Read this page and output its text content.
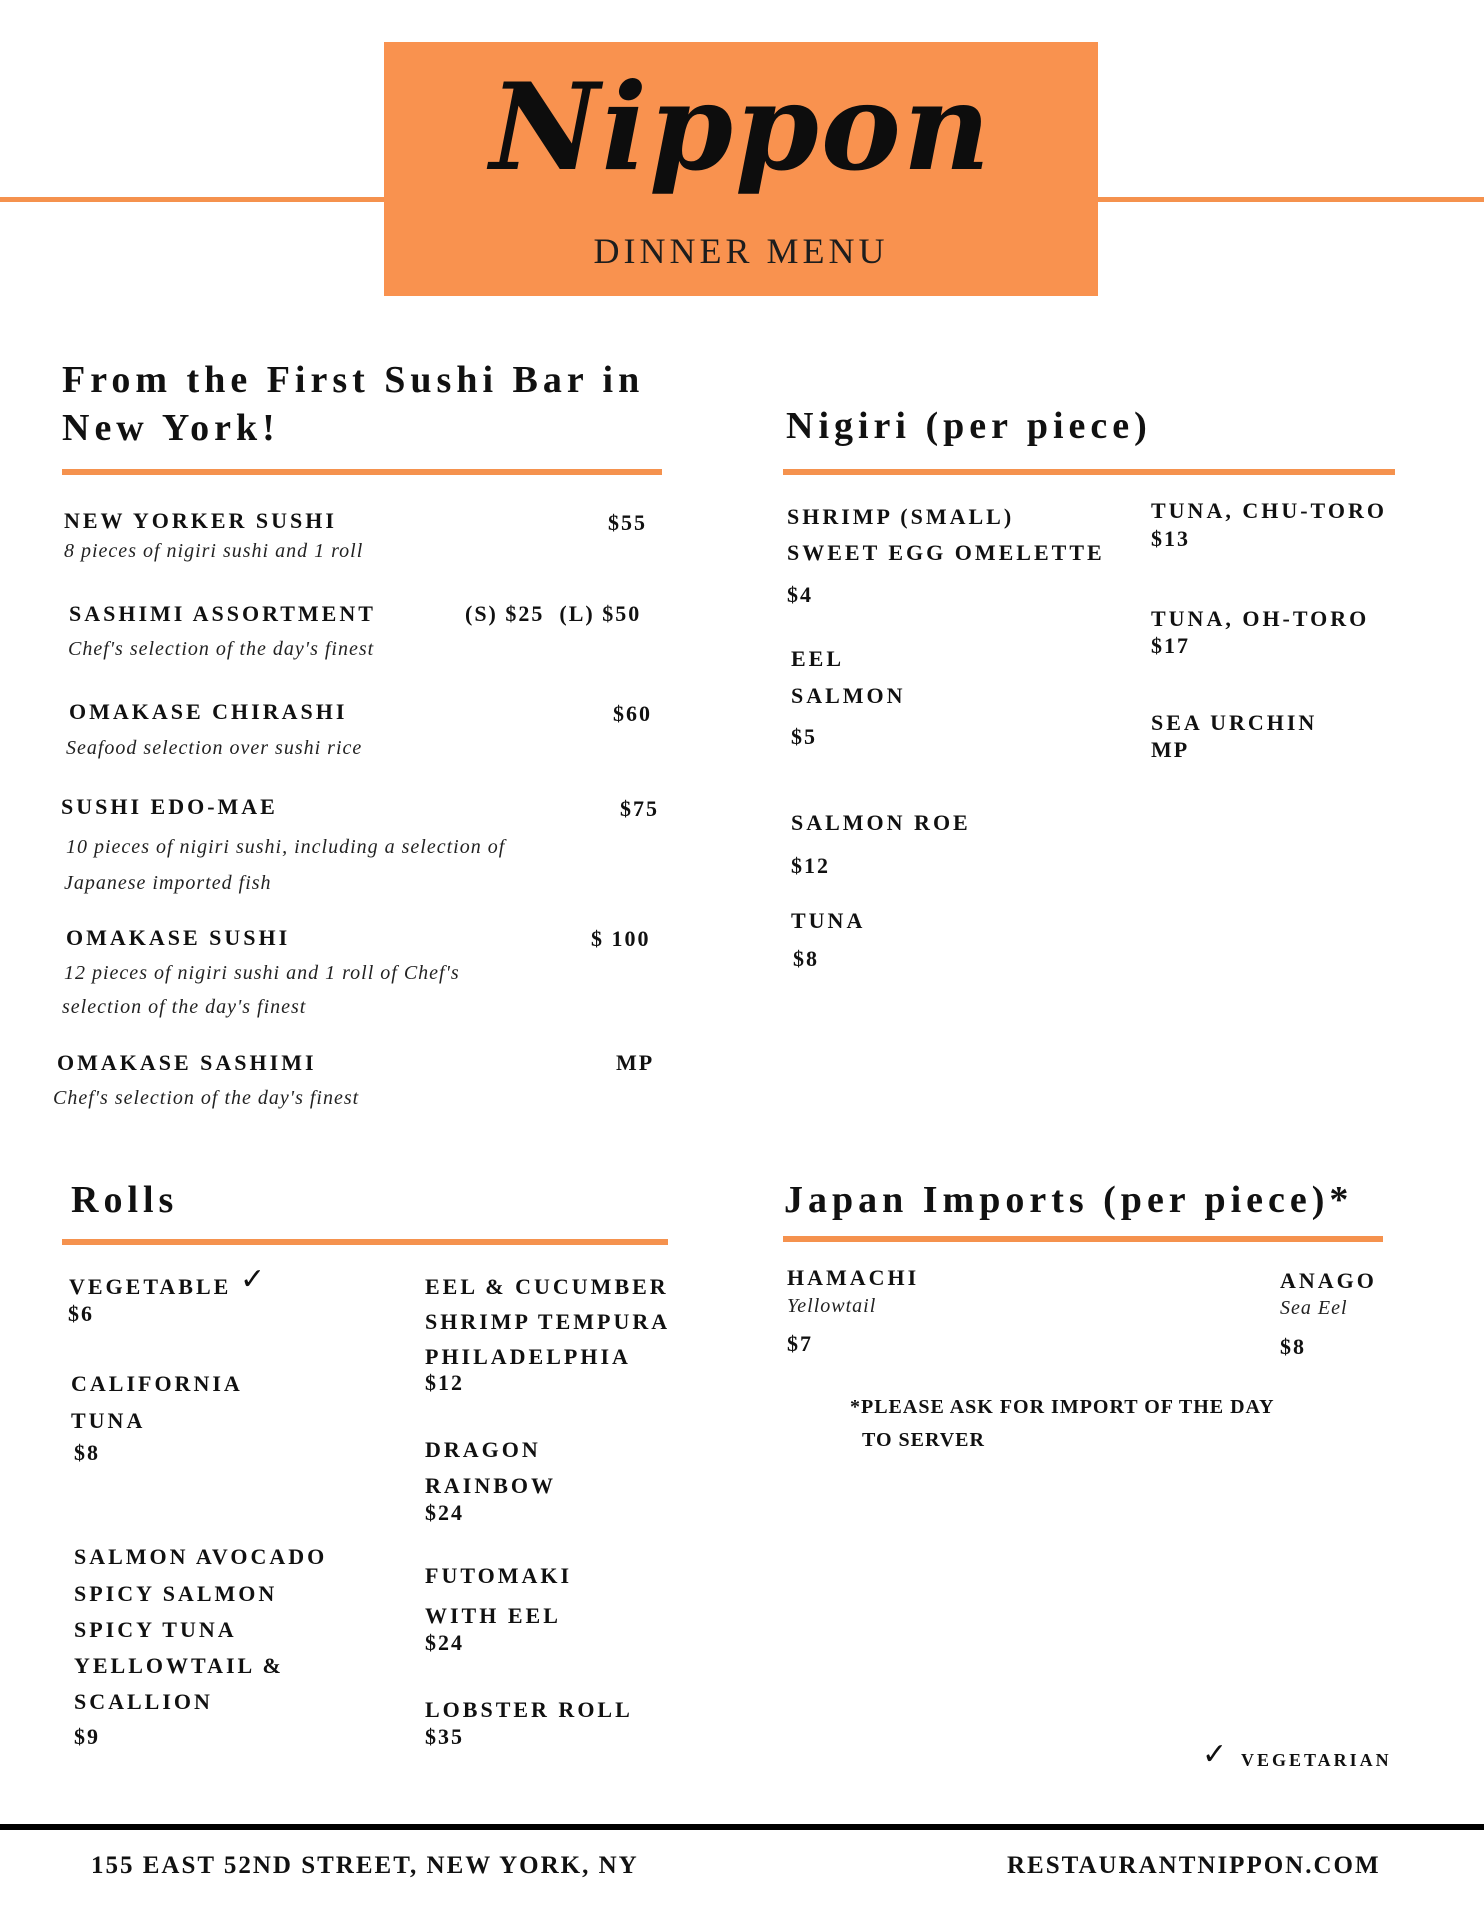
Nippon
DINNER MENU
From the First Sushi Bar in
New York!
NEW YORKER SUSHI	$55
8 pieces of nigiri sushi and 1 roll
SASHIMI ASSORTMENT	(S) $25  (L) $50
Chef's selection of the day's finest
OMAKASE CHIRASHI	$60
Seafood selection over sushi rice
SUSHI EDO-MAE	$75
10 pieces of nigiri sushi, including a selection of
Japanese imported fish
OMAKASE SUSHI	$ 100
12 pieces of nigiri sushi and 1 roll of Chef's
selection of the day's finest
OMAKASE SASHIMI	MP
Chef's selection of the day's finest
Nigiri (per piece)
SHRIMP (SMALL)
SWEET EGG OMELETTE
$4
EEL
SALMON
$5
SALMON ROE
$12
TUNA
$8
TUNA, CHU-TORO
$13
TUNA, OH-TORO
$17
SEA URCHIN
MP
Rolls
VEGETABLE ✓
$6
CALIFORNIA
TUNA
$8
SALMON AVOCADO
SPICY SALMON
SPICY TUNA
YELLOWTAIL &
SCALLION
$9
EEL & CUCUMBER
SHRIMP TEMPURA
PHILADELPHIA
$12
DRAGON
RAINBOW
$24
FUTOMAKI
WITH EEL
$24
LOBSTER ROLL
$35
Japan Imports (per piece)*
HAMACHI
Yellowtail
$7
ANAGO
Sea Eel
$8
*PLEASE ASK FOR IMPORT OF THE DAY
TO SERVER
✓ VEGETARIAN
155 EAST 52ND STREET, NEW YORK, NY	RESTAURANTNIPPON.COM
